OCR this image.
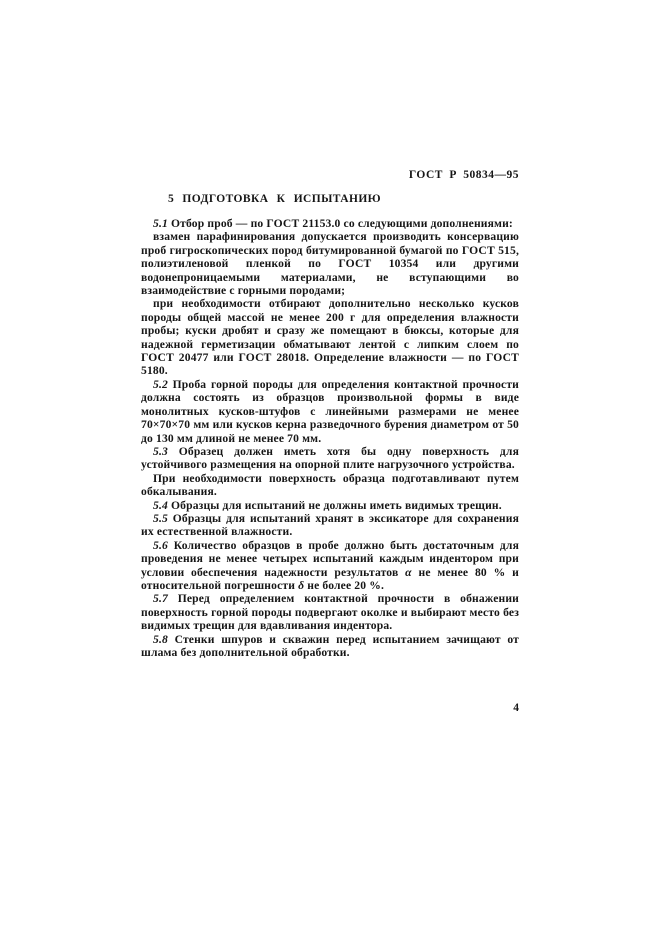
ГОСТ Р 50834—95
5 ПОДГОТОВКА К ИСПЫТАНИЮ

5.1 Отбор проб — по ГОСТ 21153.0 со следующими дополнениями:

взамен парафинирования допускается производить консервацию проб гигроскопических пород битумированной бумагой по ГОСТ 515, полиэтиленовой пленкой по ГОСТ 10354 или другими водонепроницаемыми материалами, не вступающими во взаимодействие с горными породами;

при необходимости отбирают дополнительно несколько кусков породы общей массой не менее 200 г для определения влажности пробы; куски дробят и сразу же помещают в бюксы, которые для надежной герметизации обматывают лентой с липким слоем по ГОСТ 20477 или ГОСТ 28018. Определение влажности — по ГОСТ 5180.

5.2 Проба горной породы для определения контактной прочности должна состоять из образцов произвольной формы в виде монолитных кусков-штуфов с линейными размерами не менее 70×70×70 мм или кусков керна разведочного бурения диаметром от 50 до 130 мм длиной не менее 70 мм.

5.3 Образец должен иметь хотя бы одну поверхность для устойчивого размещения на опорной плите нагрузочного устройства.

При необходимости поверхность образца подготавливают путем обкалывания.

5.4 Образцы для испытаний не должны иметь видимых трещин.

5.5 Образцы для испытаний хранят в эксикаторе для сохранения их естественной влажности.

5.6 Количество образцов в пробе должно быть достаточным для проведения не менее четырех испытаний каждым индентором при условии обеспечения надежности результатов α не менее 80 % и относительной погрешности δ не более 20 %.

5.7 Перед определением контактной прочности в обнажении поверхность горной породы подвергают околке и выбирают место без видимых трещин для вдавливания индентора.

5.8 Стенки шпуров и скважин перед испытанием зачищают от шлама без дополнительной обработки.

4
